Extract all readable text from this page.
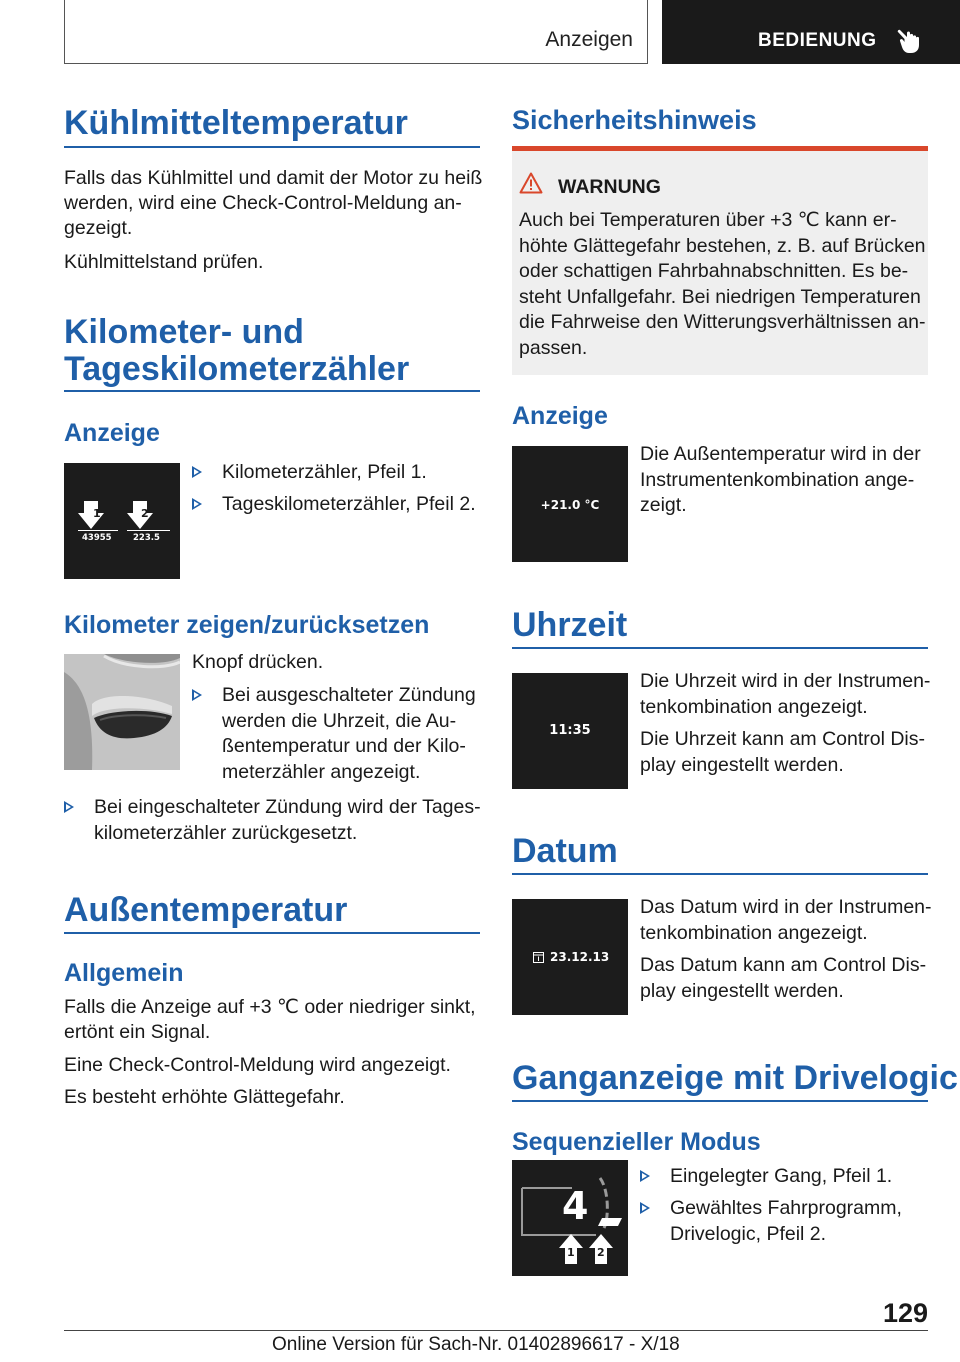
Anzeigen	BEDIENUNG
Kühlmitteltemperatur
Falls das Kühlmittel und damit der Motor zu heiß
werden, wird eine Check-Control-Meldung an-
gezeigt.
Kühlmittelstand prüfen.
Kilometer- und
Tageskilometerzähler
Anzeige
1	2
43955	223.5
Kilometerzähler, Pfeil 1.
Tageskilometerzähler, Pfeil 2.
Kilometer zeigen/zurücksetzen
Knopf drücken.
Bei ausgeschalteter Zündung
werden die Uhrzeit, die Au-
ßentemperatur und der Kilo-
meterzähler angezeigt.
Bei eingeschalteter Zündung wird der Tages-
kilometerzähler zurückgesetzt.
Außentemperatur
Allgemein
Falls die Anzeige auf +3 ℃ oder niedriger sinkt,
ertönt ein Signal.
Eine Check-Control-Meldung wird angezeigt.
Es besteht erhöhte Glättegefahr.
Sicherheitshinweis
WARNUNG
Auch bei Temperaturen über +3 ℃ kann er-
höhte Glättegefahr bestehen, z. B. auf Brücken
oder schattigen Fahrbahnabschnitten. Es be-
steht Unfallgefahr. Bei niedrigen Temperaturen
die Fahrweise den Witterungsverhältnissen an-
passen.
Anzeige
+21.0 °C
Die Außentemperatur wird in der
Instrumentenkombination ange-
zeigt.
Uhrzeit
11:35
Die Uhrzeit wird in der Instrumen-
tenkombination angezeigt.
Die Uhrzeit kann am Control Dis-
play eingestellt werden.
Datum
23.12.13
Das Datum wird in der Instrumen-
tenkombination angezeigt.
Das Datum kann am Control Dis-
play eingestellt werden.
Ganganzeige mit Drivelogic
Sequenzieller Modus
4
1 2
Eingelegter Gang, Pfeil 1.
Gewähltes Fahrprogramm,
Drivelogic, Pfeil 2.
129
Online Version für Sach-Nr. 01402896617 - X/18
